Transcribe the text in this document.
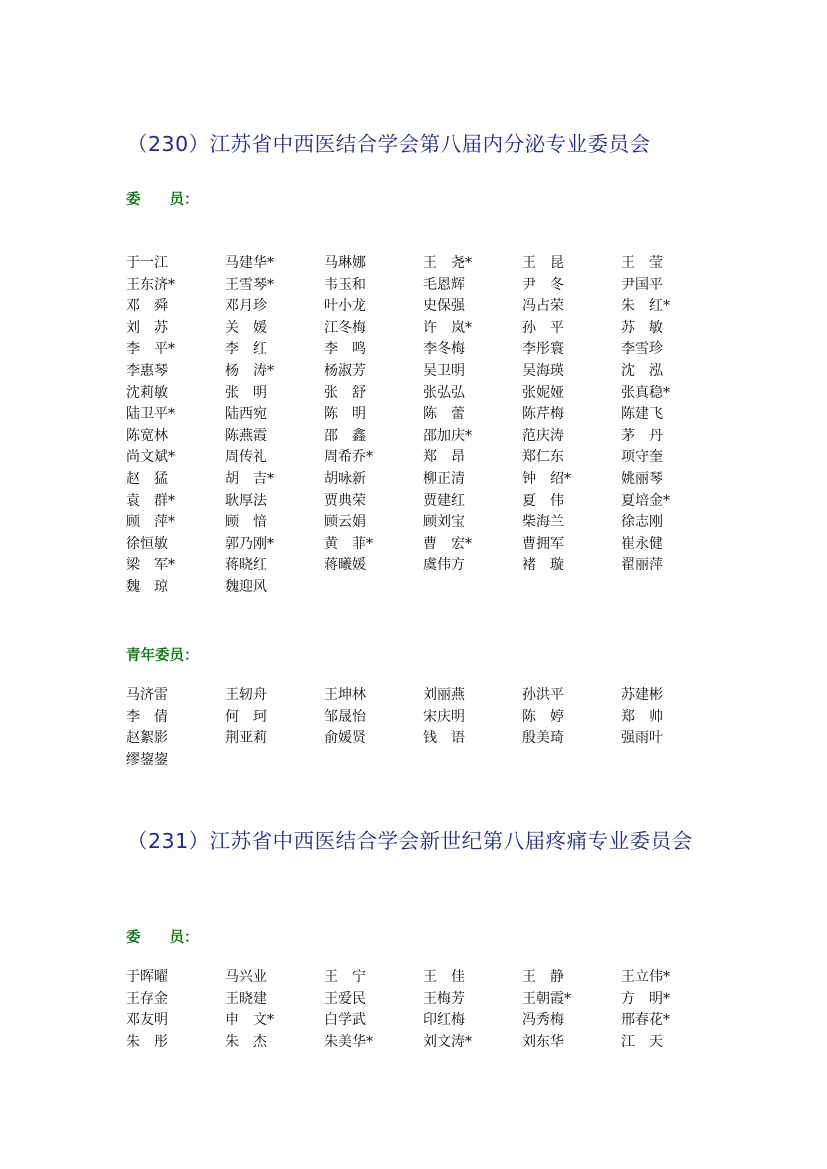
（230）江苏省中西医结合学会第八届内分泌专业委员会
委　　员：
于一江	马建华*	马琳娜	王　尧*	王　昆	王　莹
王东济*	王雪琴*	韦玉和	毛恩辉	尹　冬	尹国平
邓　舜	邓月珍	叶小龙	史保强	冯占荣	朱　红*
刘　苏	关　媛	江冬梅	许　岚*	孙　平	苏　敏
李　平*	李　红	李　鸣	李冬梅	李彤寰	李雪珍
李惠琴	杨　涛*	杨淑芳	吴卫明	吴海瑛	沈　泓
沈莉敏	张　明	张　舒	张弘弘	张妮娅	张真稳*
陆卫平*	陆西宛	陈　明	陈　蕾	陈芹梅	陈建飞
陈宽林	陈燕霞	邵　鑫	邵加庆*	范庆涛	茅　丹
尚文斌*	周传礼	周希乔*	郑　昂	郑仁东	项守奎
赵　猛	胡　吉*	胡咏新	柳正清	钟　绍*	姚丽琴
袁　群*	耿厚法	贾典荣	贾建红	夏　伟	夏培金*
顾　萍*	顾　愔	顾云娟	顾刘宝	柴海兰	徐志刚
徐恒敏	郭乃刚*	黄　菲*	曹　宏*	曹拥军	崔永健
梁　军*	蒋晓红	蒋曦媛	虞伟方	褚　璇	翟丽萍
魏　琼	魏迎风
青年委员：
马济雷	王轫舟	王坤林	刘丽燕	孙洪平	苏建彬
李　倩	何　珂	邹晟怡	宋庆明	陈　婷	郑　帅
赵絮影	荆亚莉	俞媛贤	钱　语	殷美琦	强雨叶
缪鋆鋆
（231）江苏省中西医结合学会新世纪第八届疼痛专业委员会
委　　员：
于晖曜	马兴业	王　宁	王　佳	王　静	王立伟*
王存金	王晓建	王爱民	王梅芳	王朝霞*	方　明*
邓友明	申　文*	白学武	印红梅	冯秀梅	邢春花*
朱　彤	朱　杰	朱美华*	刘文涛*	刘东华	江　天
